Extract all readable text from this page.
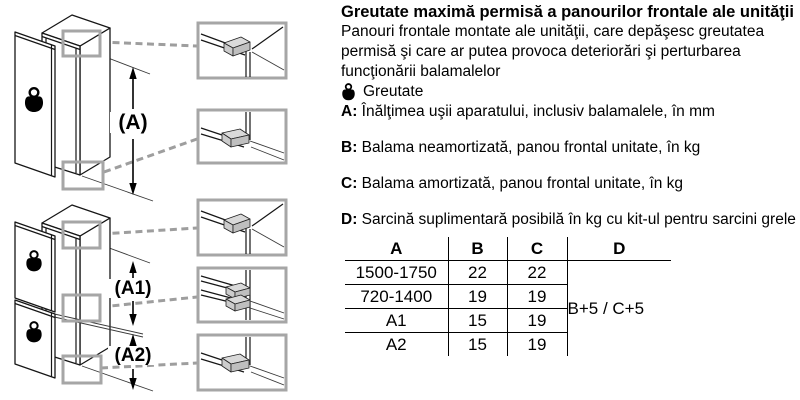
(A)
(A1)
(A2)
Greutate maximă permisă a panourilor frontale ale unităţii

Panouri frontale montate ale unităţii, care depăşesc greutatea permisă şi care ar putea provoca deteriorări şi perturbarea funcţionării balamalelor

Greutate

A: Înălţimea uşii aparatului, inclusiv balamalele, în mm

B: Balama neamortizată, panou frontal unitate, în kg

C: Balama amortizată, panou frontal unitate, în kg

D: Sarcină suplimentară posibilă în kg cu kit-ul pentru sarcini grele

A	B	C	D
1500-1750	22	22	B+5 / C+5
720-1400	19	19	
A1	15	19	
A2	15	19	
